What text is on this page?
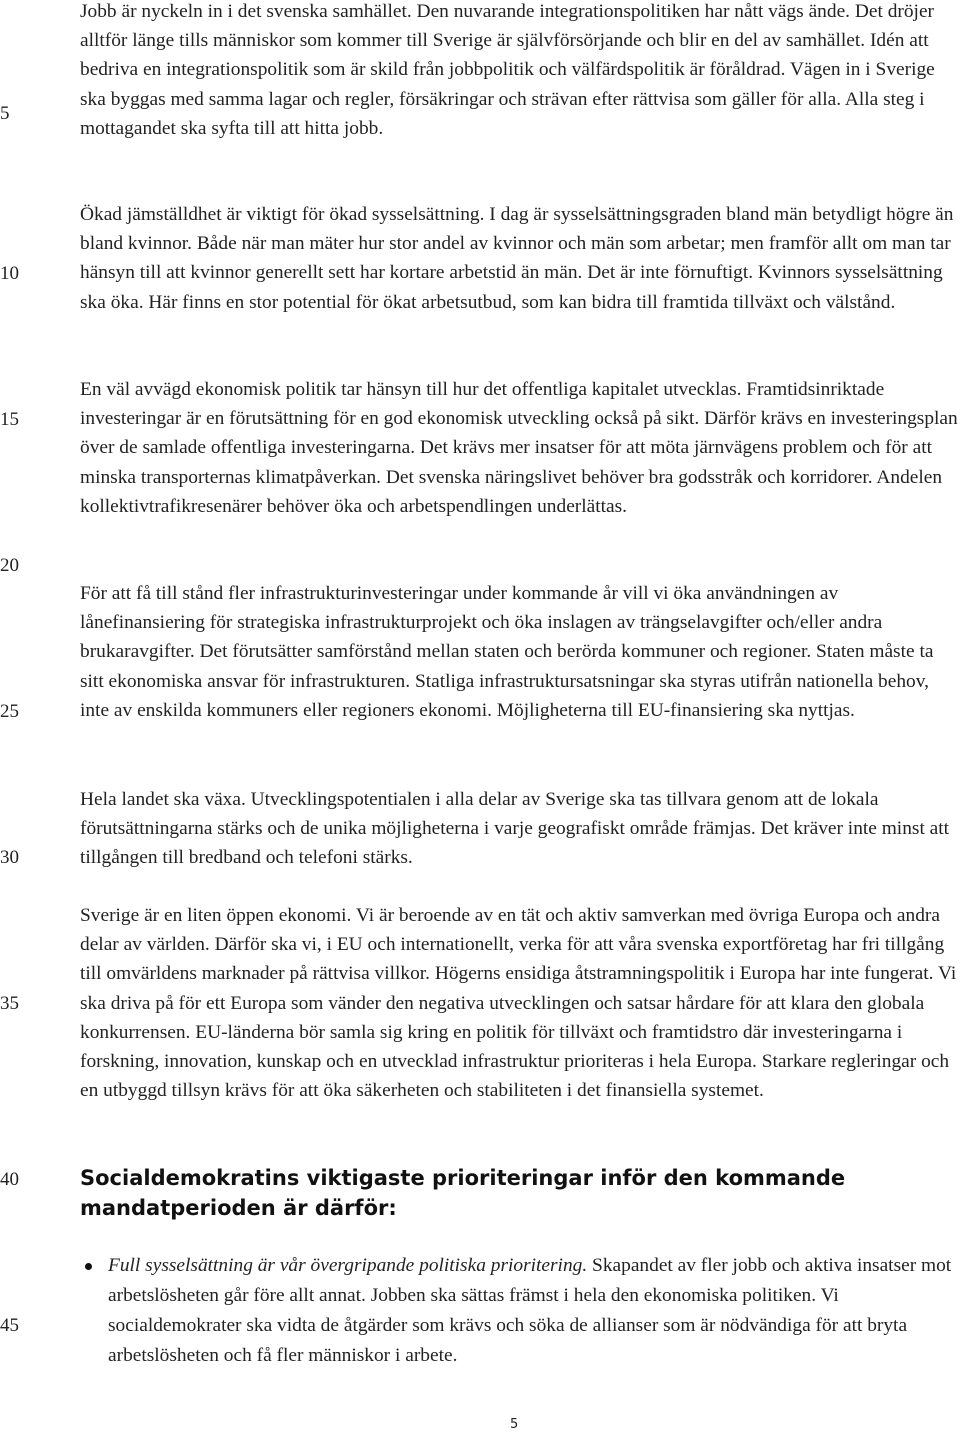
5
10
15
20
25
30
35
40
45

Jobb är nyckeln in i det svenska samhället. Den nuvarande integrationspolitiken har nått vägs ände. Det dröjer alltför länge tills människor som kommer till Sverige är självförsörjande och blir en del av samhället. Idén att bedriva en integrationspolitik som är skild från jobbpolitik och välfärdspolitik är föråldrad. Vägen in i Sverige ska byggas med samma lagar och regler, försäkringar och strävan efter rättvisa som gäller för alla. Alla steg i mottagandet ska syfta till att hitta jobb.

Ökad jämställdhet är viktigt för ökad sysselsättning. I dag är sysselsättningsgraden bland män betydligt högre än bland kvinnor. Både när man mäter hur stor andel av kvinnor och män som arbetar; men framför allt om man tar hänsyn till att kvinnor generellt sett har kortare arbetstid än män. Det är inte förnuftigt. Kvinnors sysselsättning ska öka. Här finns en stor potential för ökat arbetsutbud, som kan bidra till framtida tillväxt och välstånd.

En väl avvägd ekonomisk politik tar hänsyn till hur det offentliga kapitalet utvecklas. Framtidsinriktade investeringar är en förutsättning för en god ekonomisk utveckling också på sikt. Därför krävs en investeringsplan över de samlade offentliga investeringarna. Det krävs mer insatser för att möta järnvägens problem och för att minska transporternas klimatpåverkan. Det svenska näringslivet behöver bra godsstråk och korridorer. Andelen kollektivtrafikresenärer behöver öka och arbetspendlingen underlättas.

För att få till stånd fler infrastrukturinvesteringar under kommande år vill vi öka användningen av lånefinansiering för strategiska infrastrukturprojekt och öka inslagen av trängselavgifter och/eller andra brukaravgifter. Det förutsätter samförstånd mellan staten och berörda kommuner och regioner. Staten måste ta sitt ekonomiska ansvar för infrastrukturen. Statliga infrastruktursatsningar ska styras utifrån nationella behov, inte av enskilda kommuners eller regioners ekonomi. Möjligheterna till EU-finansiering ska nyttjas.

Hela landet ska växa. Utvecklingspotentialen i alla delar av Sverige ska tas tillvara genom att de lokala förutsättningarna stärks och de unika möjligheterna i varje geografiskt område främjas. Det kräver inte minst att tillgången till bredband och telefoni stärks.

Sverige är en liten öppen ekonomi. Vi är beroende av en tät och aktiv samverkan med övriga Europa och andra delar av världen. Därför ska vi, i EU och internationellt, verka för att våra svenska exportföretag har fri tillgång till omvärldens marknader på rättvisa villkor. Högerns ensidiga åtstramningspolitik i Europa har inte fungerat. Vi ska driva på för ett Europa som vänder den negativa utvecklingen och satsar hårdare för att klara den globala konkurrensen. EU-länderna bör samla sig kring en politik för tillväxt och framtidstro där investeringarna i forskning, innovation, kunskap och en utvecklad infrastruktur prioriteras i hela Europa. Starkare regleringar och en utbyggd tillsyn krävs för att öka säkerheten och stabiliteten i det finansiella systemet.

Socialdemokratins viktigaste prioriteringar inför den kommande mandatperioden är därför:

Full sysselsättning är vår övergripande politiska prioritering. Skapandet av fler jobb och aktiva insatser mot arbetslösheten går före allt annat. Jobben ska sättas främst i hela den ekonomiska politiken. Vi socialdemokrater ska vidta de åtgärder som krävs och söka de allianser som är nödvändiga för att bryta arbetslösheten och få fler människor i arbete.

5
